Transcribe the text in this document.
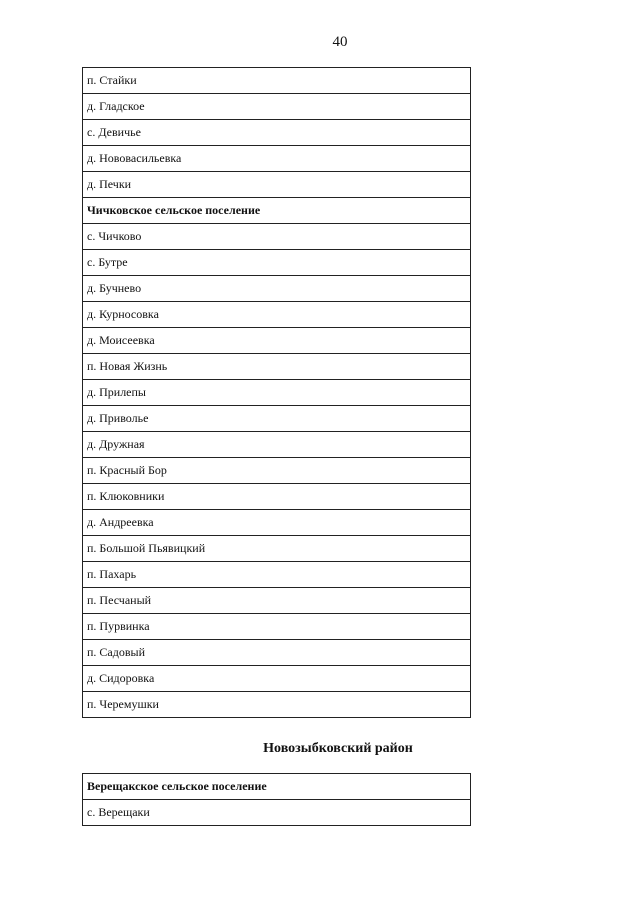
40
п. Стайки
д. Гладское
с. Девичье
д. Нововасильевка
д. Печки
Чичковское сельское поселение
с. Чичково
с. Бутре
д. Бучнево
д. Курносовка
д. Моисеевка
п. Новая Жизнь
д. Прилепы
д. Приволье
д. Дружная
п. Красный Бор
п. Клюковники
д. Андреевка
п. Большой Пьявицкий
п. Пахарь
п. Песчаный
п. Пурвинка
п. Садовый
д. Сидоровка
п. Черемушки
Новозыбковский район
Верещакское сельское поселение
с. Верещаки
